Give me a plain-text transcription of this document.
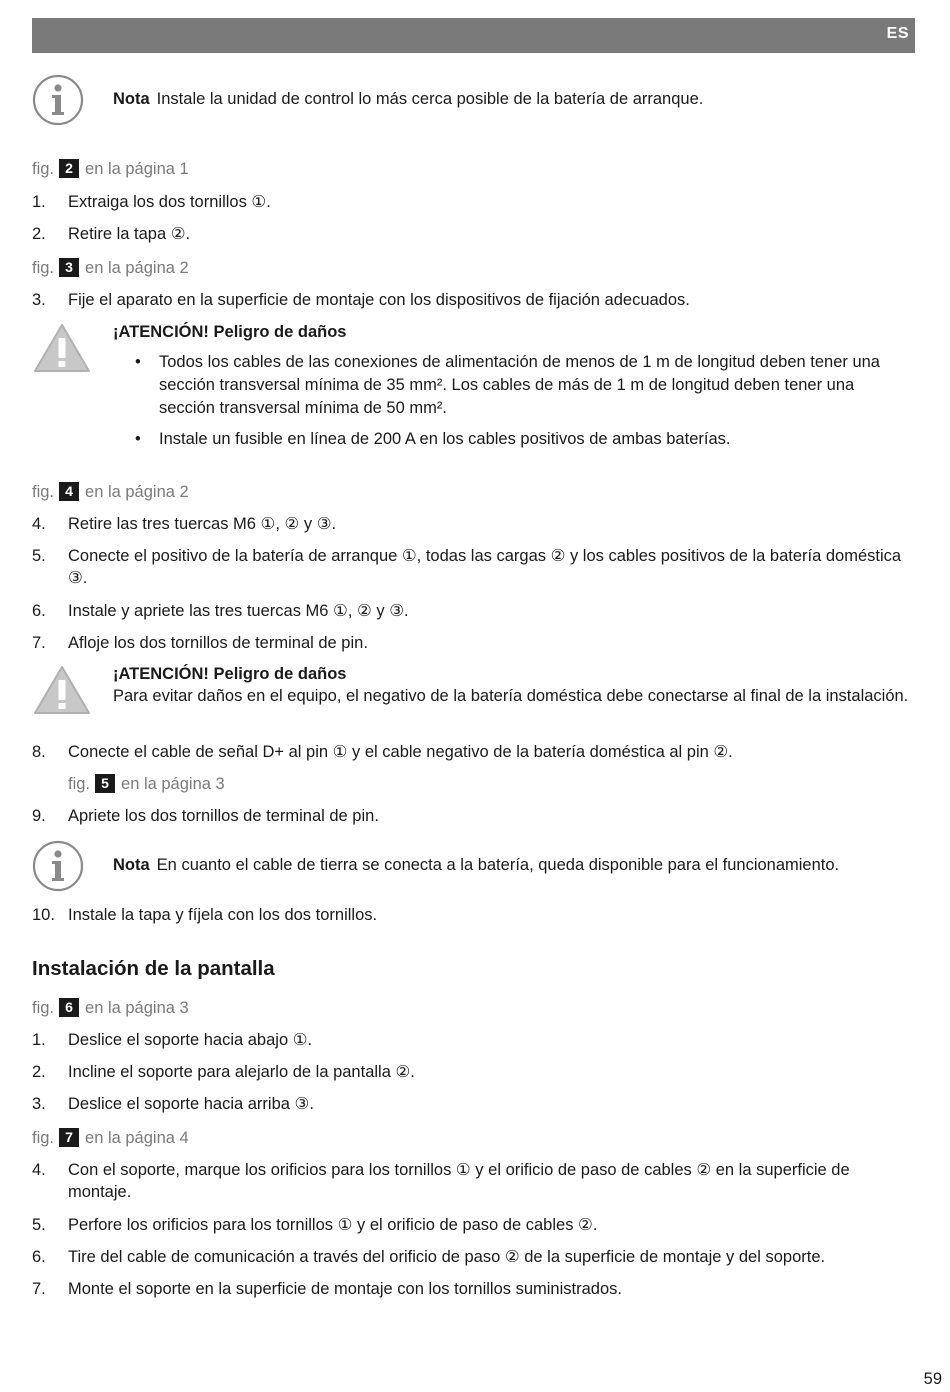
ES
Nota Instale la unidad de control lo más cerca posible de la batería de arranque.
fig. 2 en la página 1
1. Extraiga los dos tornillos ①.
2. Retire la tapa ②.
fig. 3 en la página 2
3. Fije el aparato en la superficie de montaje con los dispositivos de fijación adecuados.
¡ATENCIÓN! Peligro de daños
• Todos los cables de las conexiones de alimentación de menos de 1 m de longitud deben tener una sección transversal mínima de 35 mm². Los cables de más de 1 m de longitud deben tener una sección transversal mínima de 50 mm².
• Instale un fusible en línea de 200 A en los cables positivos de ambas baterías.
fig. 4 en la página 2
4. Retire las tres tuercas M6 ①, ② y ③.
5. Conecte el positivo de la batería de arranque ①, todas las cargas ② y los cables positivos de la batería doméstica ③.
6. Instale y apriete las tres tuercas M6 ①, ② y ③.
7. Afloje los dos tornillos de terminal de pin.
¡ATENCIÓN! Peligro de daños
Para evitar daños en el equipo, el negativo de la batería doméstica debe conectarse al final de la instalación.
8. Conecte el cable de señal D+ al pin ① y el cable negativo de la batería doméstica al pin ②.
fig. 5 en la página 3
9. Apriete los dos tornillos de terminal de pin.
Nota En cuanto el cable de tierra se conecta a la batería, queda disponible para el funcionamiento.
10. Instale la tapa y fíjela con los dos tornillos.
Instalación de la pantalla
fig. 6 en la página 3
1. Deslice el soporte hacia abajo ①.
2. Incline el soporte para alejarlo de la pantalla ②.
3. Deslice el soporte hacia arriba ③.
fig. 7 en la página 4
4. Con el soporte, marque los orificios para los tornillos ① y el orificio de paso de cables ② en la superficie de montaje.
5. Perfore los orificios para los tornillos ① y el orificio de paso de cables ②.
6. Tire del cable de comunicación a través del orificio de paso ② de la superficie de montaje y del soporte.
7. Monte el soporte en la superficie de montaje con los tornillos suministrados.
59
